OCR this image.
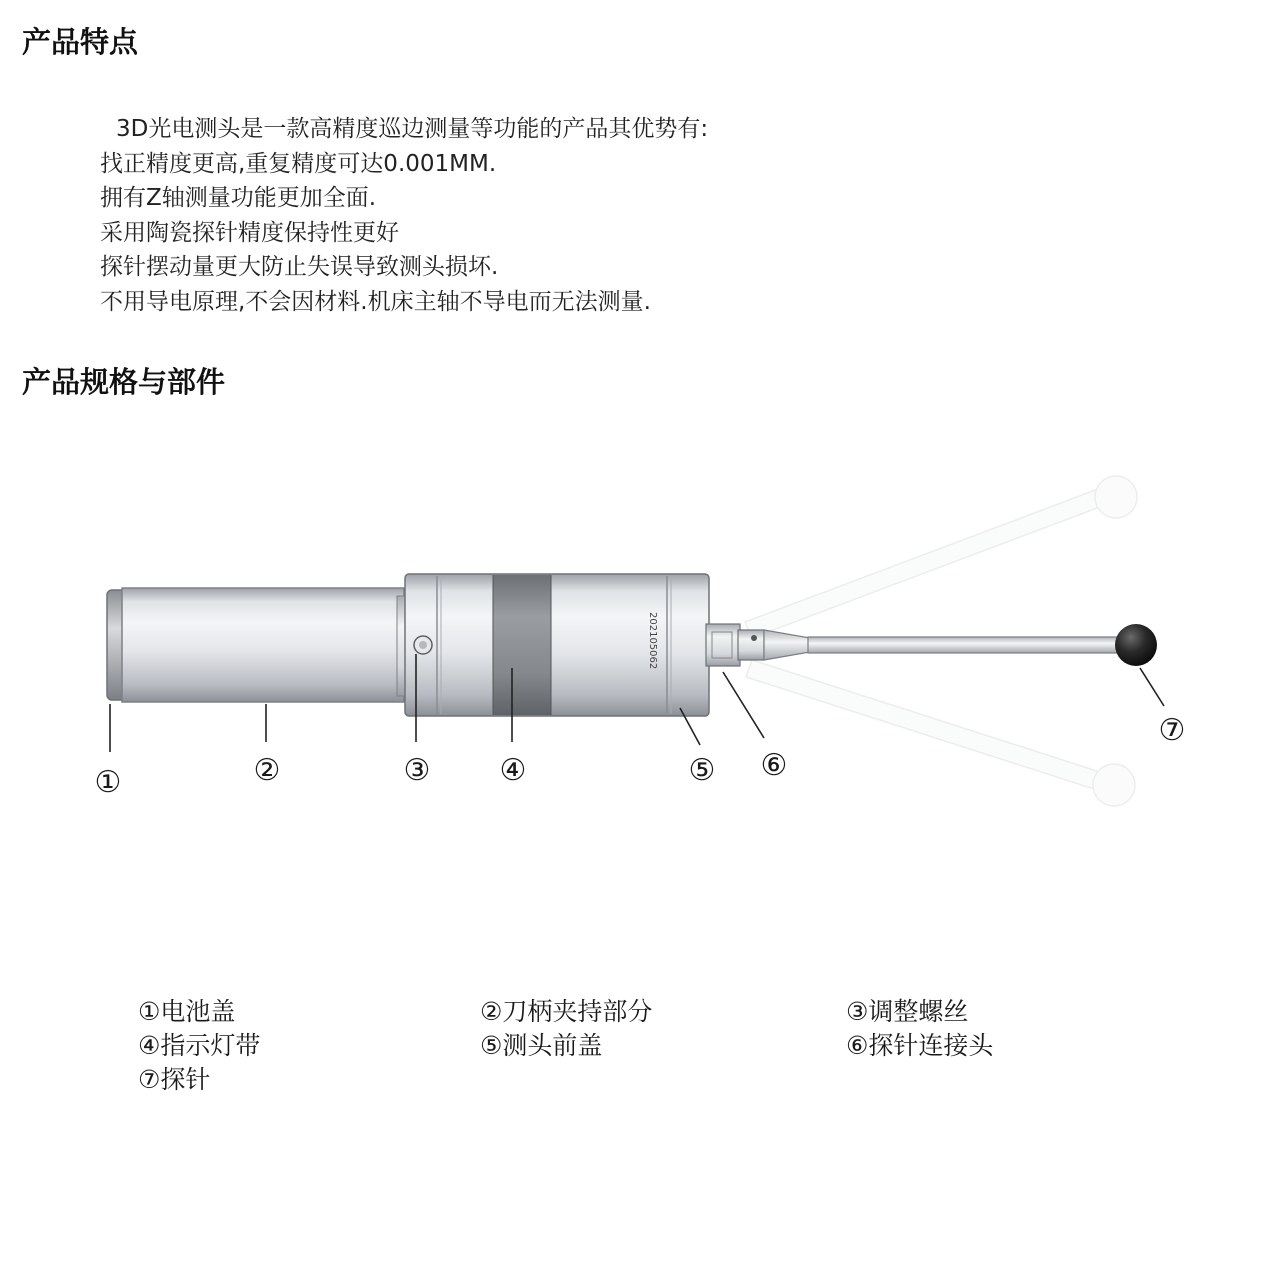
产品特点
3D光电测头是一款高精度巡边测量等功能的产品其优势有:
找正精度更高,重复精度可达0.001MM.
拥有Z轴测量功能更加全面.
采用陶瓷探针精度保持性更好
探针摆动量更大防止失误导致测头损坏.
不用导电原理,不会因材料.机床主轴不导电而无法测量.
产品规格与部件
202105062
①	②	③ ④	⑤ ⑥
⑦
①电池盖	②刀柄夹持部分	③调整螺丝
④指示灯带	⑤测头前盖	⑥探针连接头
⑦探针
